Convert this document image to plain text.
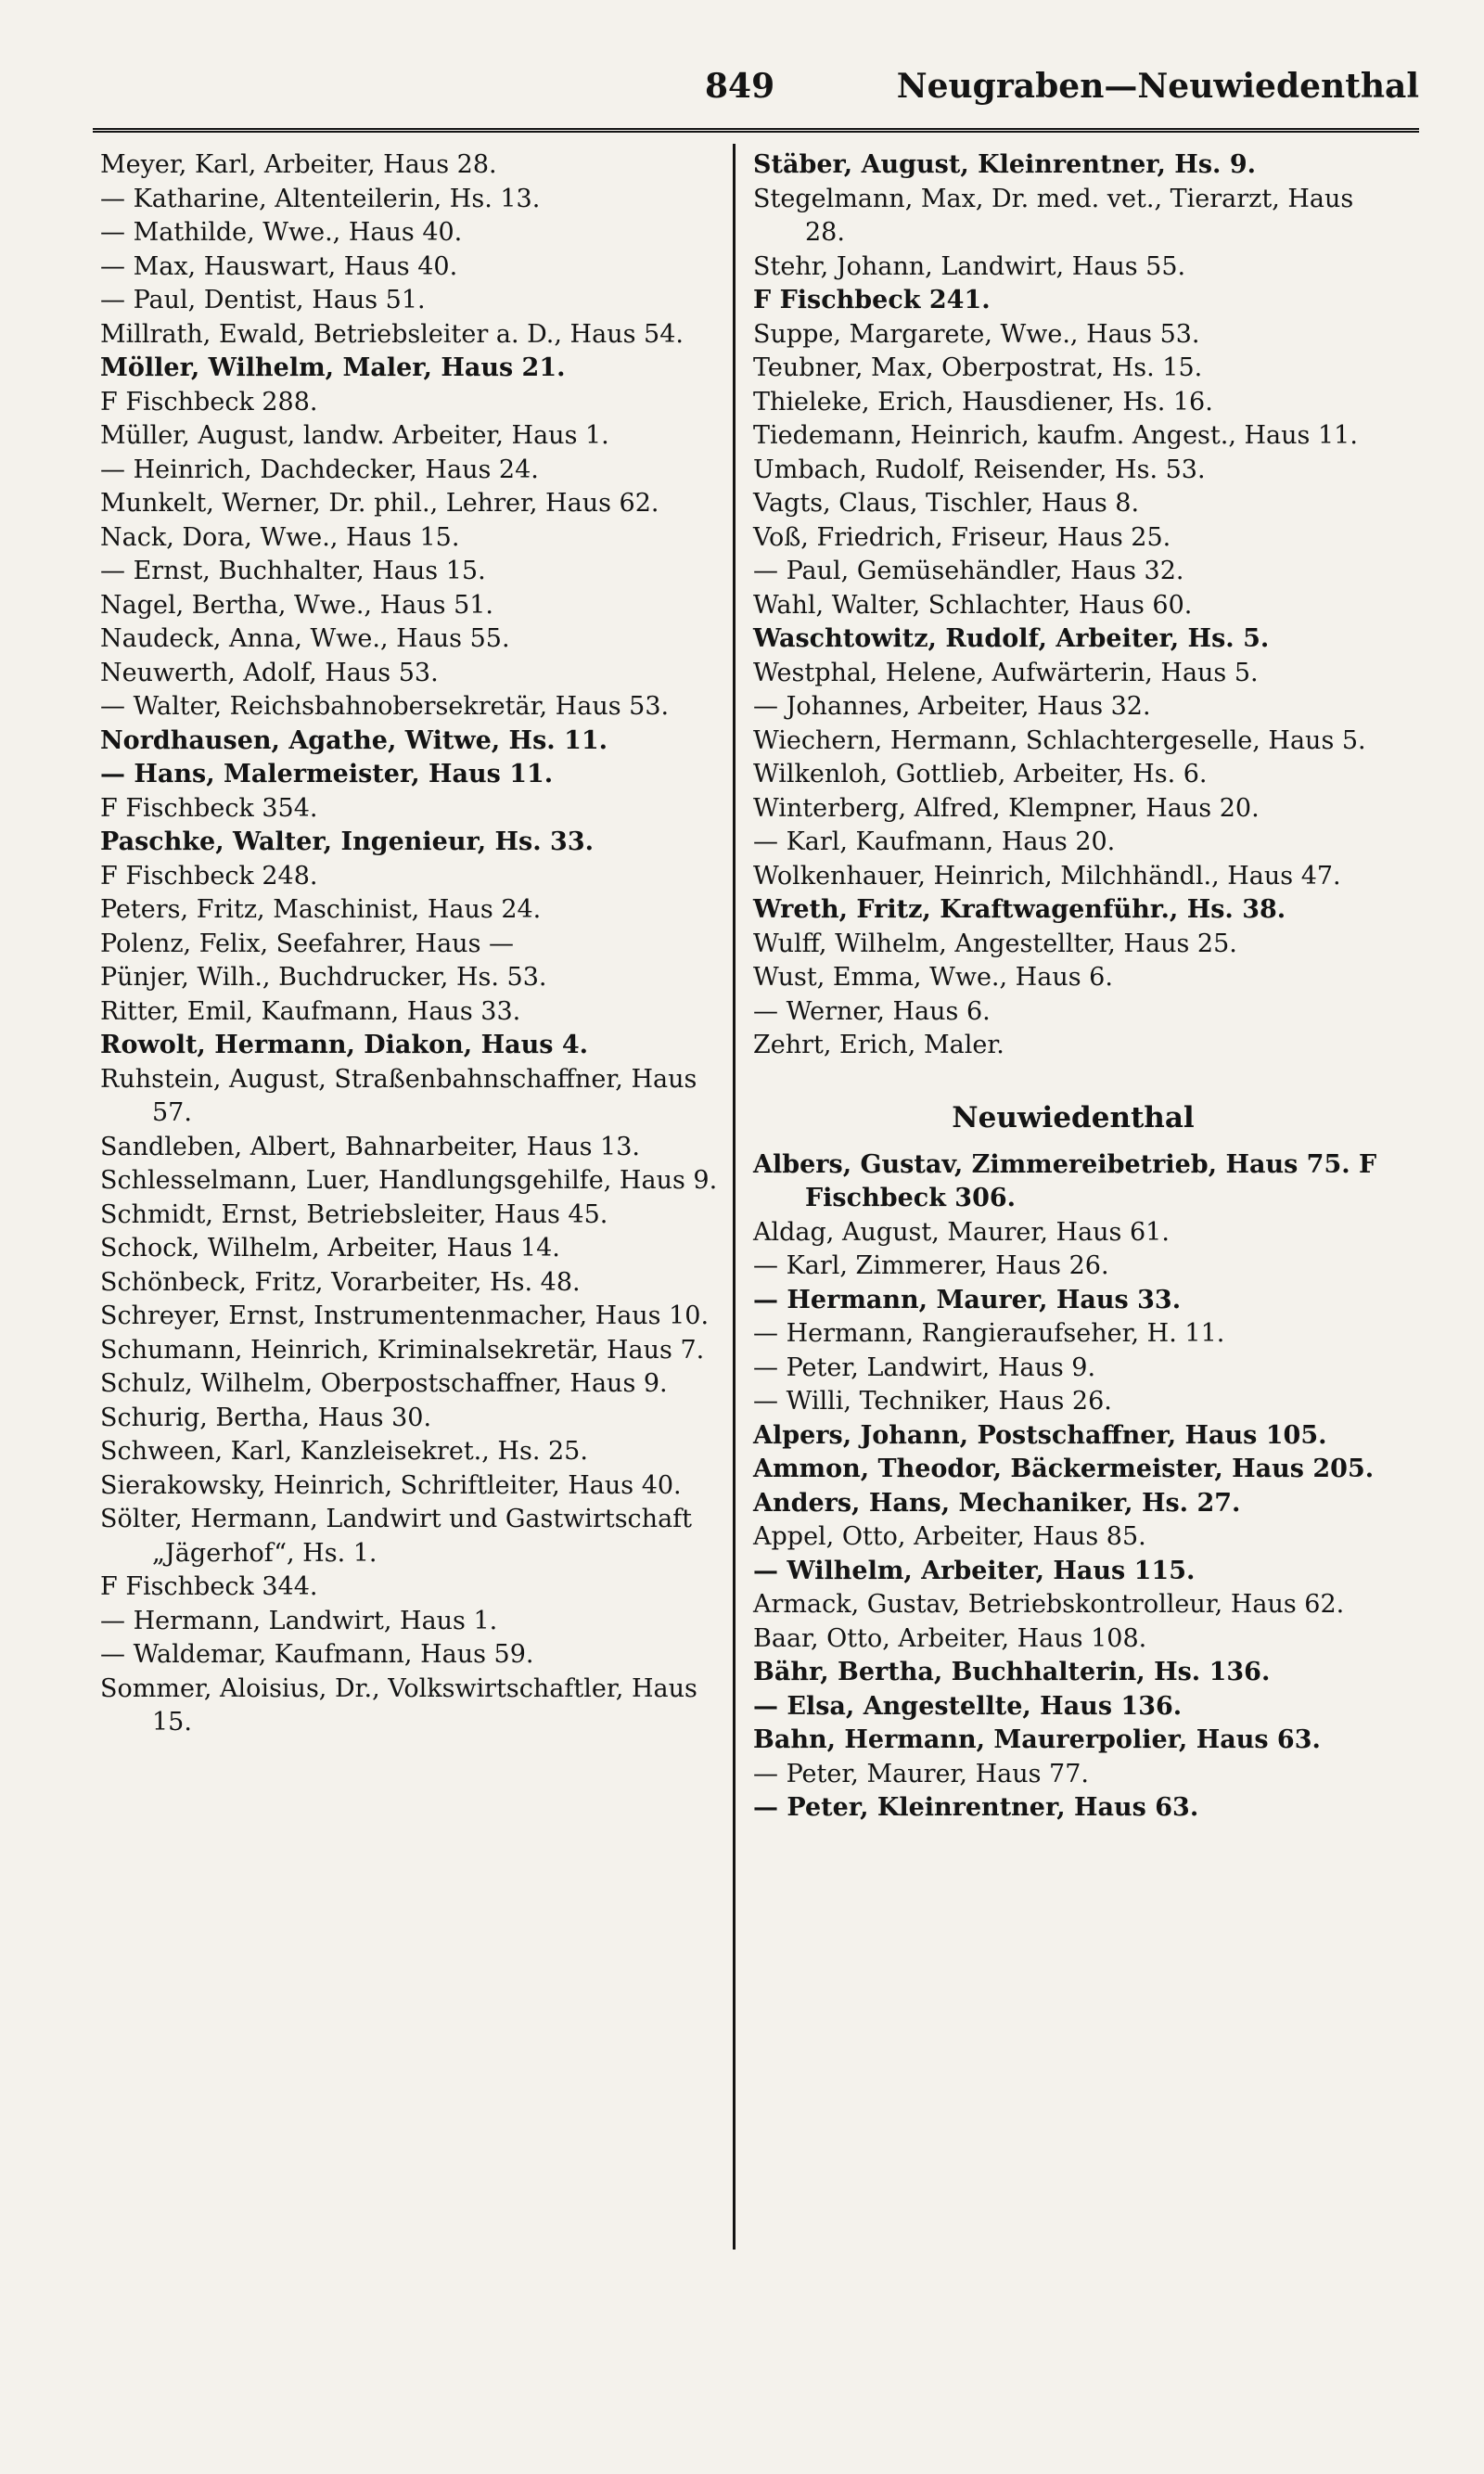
849	Neugraben—Neuwiedenthal

Meyer, Karl, Arbeiter, Haus 28.

— Katharine, Altenteilerin, Hs. 13.

— Mathilde, Wwe., Haus 40.

— Max, Hauswart, Haus 40.

— Paul, Dentist, Haus 51.

Millrath, Ewald, Betriebsleiter a. D., Haus 54.

Möller, Wilhelm, Maler, Haus 21.

F Fischbeck 288.

Müller, August, landw. Arbeiter, Haus 1.

— Heinrich, Dachdecker, Haus 24.

Munkelt, Werner, Dr. phil., Lehrer, Haus 62.

Nack, Dora, Wwe., Haus 15.

— Ernst, Buchhalter, Haus 15.

Nagel, Bertha, Wwe., Haus 51.

Naudeck, Anna, Wwe., Haus 55.

Neuwerth, Adolf, Haus 53.

— Walter, Reichsbahnobersekretär, Haus 53.

Nordhausen, Agathe, Witwe, Hs. 11.

— Hans, Malermeister, Haus 11.

F Fischbeck 354.

Paschke, Walter, Ingenieur, Hs. 33.

F Fischbeck 248.

Peters, Fritz, Maschinist, Haus 24.

Polenz, Felix, Seefahrer, Haus —

Pünjer, Wilh., Buchdrucker, Hs. 53.

Ritter, Emil, Kaufmann, Haus 33.

Rowolt, Hermann, Diakon, Haus 4.

Ruhstein, August, Straßenbahnschaffner, Haus 57.

Sandleben, Albert, Bahnarbeiter, Haus 13.

Schlesselmann, Luer, Handlungsgehilfe, Haus 9.

Schmidt, Ernst, Betriebsleiter, Haus 45.

Schock, Wilhelm, Arbeiter, Haus 14.

Schönbeck, Fritz, Vorarbeiter, Hs. 48.

Schreyer, Ernst, Instrumentenmacher, Haus 10.

Schumann, Heinrich, Kriminalsekretär, Haus 7.

Schulz, Wilhelm, Oberpostschaffner, Haus 9.

Schurig, Bertha, Haus 30.

Schween, Karl, Kanzleisekret., Hs. 25.

Sierakowsky, Heinrich, Schriftleiter, Haus 40.

Sölter, Hermann, Landwirt und Gastwirtschaft „Jägerhof“, Hs. 1.

F Fischbeck 344.

— Hermann, Landwirt, Haus 1.

— Waldemar, Kaufmann, Haus 59.

Sommer, Aloisius, Dr., Volkswirtschaftler, Haus 15.

Stäber, August, Kleinrentner, Hs. 9.

Stegelmann, Max, Dr. med. vet., Tierarzt, Haus 28.

Stehr, Johann, Landwirt, Haus 55.

F Fischbeck 241.

Suppe, Margarete, Wwe., Haus 53.

Teubner, Max, Oberpostrat, Hs. 15.

Thieleke, Erich, Hausdiener, Hs. 16.

Tiedemann, Heinrich, kaufm. Angest., Haus 11.

Umbach, Rudolf, Reisender, Hs. 53.

Vagts, Claus, Tischler, Haus 8.

Voß, Friedrich, Friseur, Haus 25.

— Paul, Gemüsehändler, Haus 32.

Wahl, Walter, Schlachter, Haus 60.

Waschtowitz, Rudolf, Arbeiter, Hs. 5.

Westphal, Helene, Aufwärterin, Haus 5.

— Johannes, Arbeiter, Haus 32.

Wiechern, Hermann, Schlachtergeselle, Haus 5.

Wilkenloh, Gottlieb, Arbeiter, Hs. 6.

Winterberg, Alfred, Klempner, Haus 20.

— Karl, Kaufmann, Haus 20.

Wolkenhauer, Heinrich, Milchhändl., Haus 47.

Wreth, Fritz, Kraftwagenführ., Hs. 38.

Wulff, Wilhelm, Angestellter, Haus 25.

Wust, Emma, Wwe., Haus 6.

— Werner, Haus 6.

Zehrt, Erich, Maler.

Neuwiedenthal

Albers, Gustav, Zimmereibetrieb, Haus 75. F Fischbeck 306.

Aldag, August, Maurer, Haus 61.

— Karl, Zimmerer, Haus 26.

— Hermann, Maurer, Haus 33.

— Hermann, Rangieraufseher, H. 11.

— Peter, Landwirt, Haus 9.

— Willi, Techniker, Haus 26.

Alpers, Johann, Postschaffner, Haus 105.

Ammon, Theodor, Bäckermeister, Haus 205.

Anders, Hans, Mechaniker, Hs. 27.

Appel, Otto, Arbeiter, Haus 85.

— Wilhelm, Arbeiter, Haus 115.

Armack, Gustav, Betriebskontrolleur, Haus 62.

Baar, Otto, Arbeiter, Haus 108.

Bähr, Bertha, Buchhalterin, Hs. 136.

— Elsa, Angestellte, Haus 136.

Bahn, Hermann, Maurerpolier, Haus 63.

— Peter, Maurer, Haus 77.

— Peter, Kleinrentner, Haus 63.
